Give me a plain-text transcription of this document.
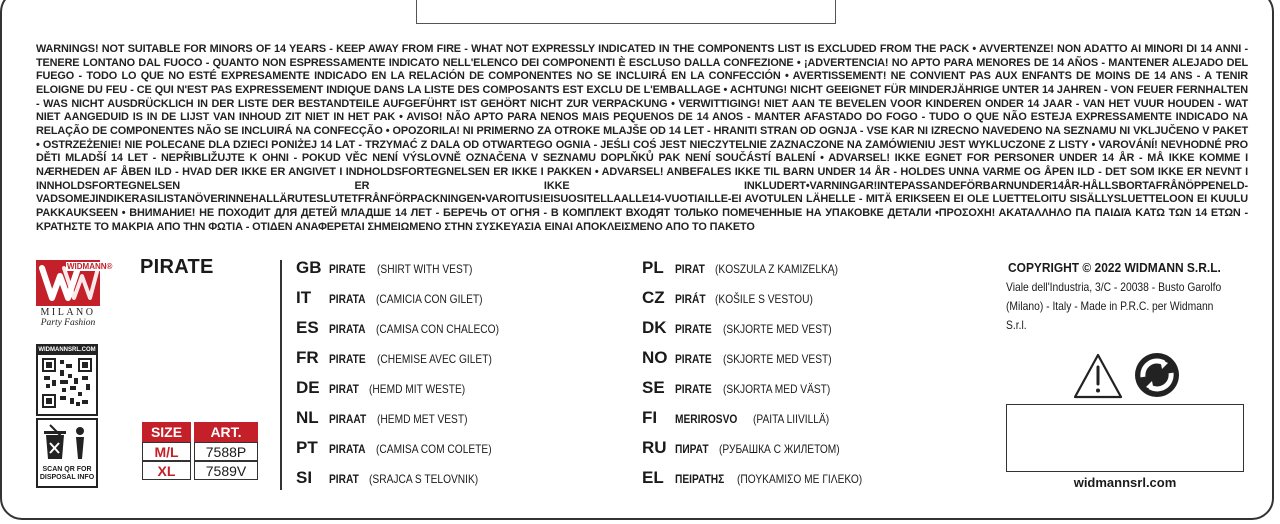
WARNINGS! NOT SUITABLE FOR MINORS OF 14 YEARS - KEEP AWAY FROM FIRE - WHAT NOT EXPRESSLY INDICATED IN THE COMPONENTS LIST IS EXCLUDED FROM THE PACK • AVVERTENZE! NON ADATTO AI MINORI DI 14 ANNI - TENERE LONTANO DAL FUOCO - QUANTO NON ESPRESSAMENTE INDICATO NELL'ELENCO DEI COMPONENTI È ESCLUSO DALLA CONFEZIONE • ¡ADVERTENCIA! NO APTO PARA MENORES DE 14 AÑOS - MANTENER ALEJADO DEL FUEGO - TODO LO QUE NO ESTÉ EXPRESAMENTE INDICADO EN LA RELACIÓN DE COMPONENTES NO SE INCLUIRÁ EN LA CONFECCIÓN • AVERTISSEMENT! NE CONVIENT PAS AUX ENFANTS DE MOINS DE 14 ANS - A TENIR ELOIGNE DU FEU - CE QUI N'EST PAS EXPRESSEMENT INDIQUE DANS LA LISTE DES COMPOSANTS EST EXCLU DE L'EMBALLAGE • ACHTUNG! NICHT GEEIGNET FÜR MINDERJÄHRIGE UNTER 14 JAHREN - VON FEUER FERNHALTEN - WAS NICHT AUSDRÜCKLICH IN DER LISTE DER BESTANDTEILE AUFGEFÜHRT IST GEHÖRT NICHT ZUR VERPACKUNG • VERWITTIGING! NIET AAN TE BEVELEN VOOR KINDEREN ONDER 14 JAAR - VAN HET VUUR HOUDEN - WAT NIET AANGEDUID IS IN DE LIJST VAN INHOUD ZIT NIET IN HET PAK • AVISO! NÃO APTO PARA NENOS MAIS PEQUENOS DE 14 ANOS - MANTER AFASTADO DO FOGO - TUDO O QUE NÃO ESTEJA EXPRESSAMENTE INDICADO NA RELAÇÃO DE COMPONENTES NÃO SE INCLUIRÁ NA CONFECÇÃO • OPOZORILA! NI PRIMERNO ZA OTROKE MLAJŠE OD 14 LET - HRANITI STRAN OD OGNJA - VSE KAR NI IZRECNO NAVEDENO NA SEZNAMU NI VKLJUČENO V PAKET • OSTRZEŻENIE! NIE POLECANE DLA DZIECI PONIŻEJ 14 LAT - TRZYMAĆ Z DALA OD OTWARTEGO OGNIA - JEŚLI COŚ JEST NIECZYTELNIE ZAZNACZONE NA ZAMÓWIENIU JEST WYKLUCZONE Z LISTY • VAROVÁNÍ! NEVHODNÉ PRO DĚTI MLADŠÍ 14 LET - NEPŘIBLIŽUJTE K OHNI - POKUD VĚC NENÍ VÝSLOVNĚ OZNAČENA V SEZNAMU DOPLŇKŮ PAK NENÍ SOUČÁSTÍ BALENÍ • ADVARSEL! IKKE EGNET FOR PERSONER UNDER 14 ÅR - MÅ IKKE KOMME I NÆRHEDEN AF ÅBEN ILD - HVAD DER IKKE ER ANGIVET I INDHOLDSFORTEGNELSEN ER IKKE I PAKKEN • ADVARSEL! ANBEFALES IKKE TIL BARN UNDER 14 ÅR - HOLDES UNNA VARME OG ÅPEN ILD - DET SOM IKKE ER NEVNT I INNHOLDSFORTEGNELSEN ER IKKE INKLUDERT•VARNINGAR!INTEPASSANDEFÖRBARNUNDER14ÅR-HÅLLSBORTAFRÅNÖPPENELD-VADSOMEJINDIKERASILISTANÖVERINNEHALLÄRUTESLUTETFRÅNFÖRPACKNINGEN•VAROITUS!EISUOSITELLAALLE14-VUOTIAILLE-EI AVOTULEN LÄHELLE - MITÄ ERIKSEEN EI OLE LUETTELOITU SISÄLLYSLUETTELOON EI KUULU PAKKAUKSEEN • ВНИМАНИЕ! НЕ ПОХОДИТ ДЛЯ ДЕТЕЙ МЛАДШЕ 14 ЛЕТ - БЕРЕЧЬ ОТ ОГНЯ - В КОМПЛЕКТ ВХОДЯТ ТОЛЬКО ПОМЕЧЕННЫЕ НА УПАКОВКЕ ДЕТАЛИ •ΠΡΟΣΟΧΗ! ΑΚΑΤΑΛΛΗΛΟ ΠΑ ΠΑΙΔΙΆ ΚΑΤΩ ΤΩΝ 14 ΕΤΩΝ - ΚΡΑΤΗΣΤΕ ΤΟ ΜΑΚΡΙΑ ΑΠΟ ΤΗΝ ΦΩΤΙΑ - ΟΤΙΔΕΝ ΑΝΑΦΕΡΕΤΑΙ ΣΗΜΕΙΩΜΕΝΟ ΣΤΗΝ ΣΥΣΚΕΥΑΣΙΑ ΕΙΝΑΙ ΑΠΟΚΛΕΙΣΜΕΝΟ ΑΠΟ ΤΟ ΠΑΚΕΤΟ

WIDMANN®
MILANO
Party Fashion
WIDMANNSRL.COM
SCAN QR FOR
DISPOSAL INFO
PIRATE
SIZE	ART.
M/L	7588P
XL	7589V
GB PIRATE
(SHIRT WITH VEST)
IT	PIRATA
(CAMICIA CON GILET)
ES PIRATA
(CAMISA CON CHALECO)
FR PIRATE
(CHEMISE AVEC GILET)
DE PIRAT
(HEMD MIT WESTE)
NL PIRAAT
(HEMD MET VEST)
PT PIRATA
(CAMISA COM COLETE)
SI	PIRAT
(SRAJCA S TELOVNIK)
PL PIRAT
(KOSZULA Z KAMIZELKĄ)
CZ PIRÁT
(KOŠILE S VESTOU)
DK PIRATE
(SKJORTE MED VEST)
NO PIRATE
(SKJORTE MED VEST)
SE PIRATE
(SKJORTA MED VÄST)
FI	MERIROSVO
(PAITA LIIVILLÄ)
RU ПИРАТ
(РУБАШКА С ЖИЛЕТОМ)
EL ΠΕΙΡΑΤΗΣ
(ΠΟΥΚΑΜΙΣΟ ΜΕ ΓΙΛΕΚΟ)
COPYRIGHT © 2022 WIDMANN S.R.L.
Viale dell'Industria, 3/C - 20038 - Busto Garolfo (Milano) - Italy - Made in P.R.C. per Widmann S.r.l.
widmannsrl.com
